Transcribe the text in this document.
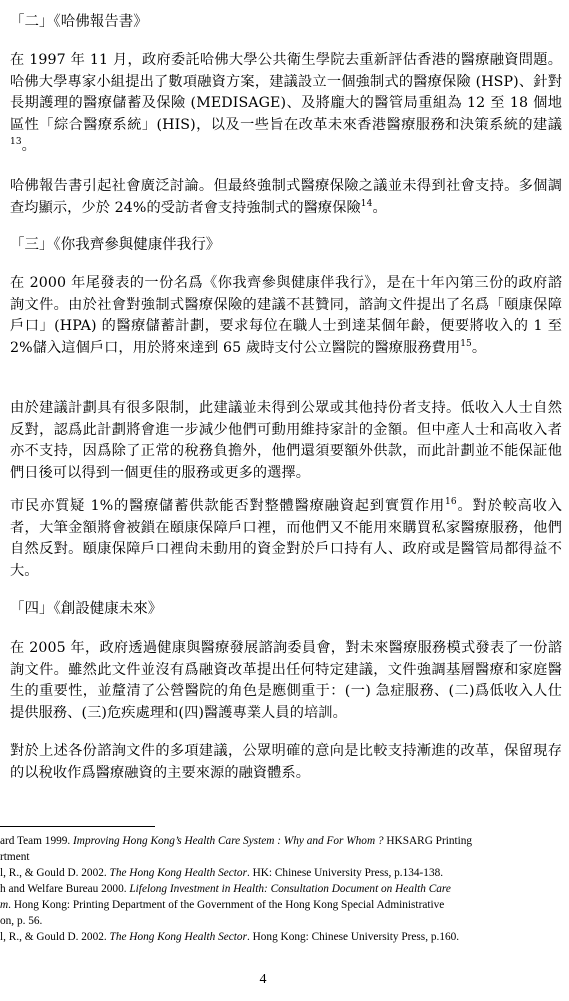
「二」《哈佛報告書》
在 1997 年 11 月，政府委託哈佛大學公共衛生學院去重新評估香港的醫療融資問題。哈佛大學專家小組提出了數項融資方案，建議設立一個強制式的醫療保險 (HSP)、針對長期護理的醫療儲蓄及保險 (MEDISAGE)、及將龐大的醫管局重組為 12 至 18 個地區性「綜合醫療系統」(HIS)，以及一些旨在改革未來香港醫療服務和決策系統的建議$^{13}$。
哈佛報告書引起社會廣泛討論。但最終強制式醫療保險之議並未得到社會支持。多個調查均顯示，少於 24%的受訪者會支持強制式的醫療保險$^{14}$。
「三」《你我齊參與健康伴我行》
在 2000 年尾發表的一份名爲《你我齊參與健康伴我行》，是在十年內第三份的政府諮詢文件。由於社會對強制式醫療保險的建議不甚贊同，諮詢文件提出了名爲「頤康保障戶口」(HPA) 的醫療儲蓄計劃，要求每位在職人士到達某個年齡，便要將收入的 1 至 2%儲入這個戶口，用於將來達到 65 歲時支付公立醫院的醫療服務費用$^{15}$。
由於建議計劃具有很多限制，此建議並未得到公眾或其他持份者支持。低收入人士自然反對，認爲此計劃將會進一步減少他們可動用維持家計的金額。但中產人士和高收入者亦不支持，因爲除了正常的稅務負擔外，他們還須要額外供款，而此計劃並不能保証他們日後可以得到一個更佳的服務或更多的選擇。
市民亦質疑 1%的醫療儲蓄供款能否對整體醫療融資起到實質作用$^{16}$。對於較高收入者，大筆金額將會被鎖在頤康保障戶口裡，而他們又不能用來購買私家醫療服務，他們自然反對。頤康保障戶口裡尙未動用的資金對於戶口持有人、政府或是醫管局都得益不大。
「四」《創設健康未來》
在 2005 年，政府透過健康與醫療發展諮詢委員會，對未來醫療服務模式發表了一份諮詢文件。雖然此文件並沒有爲融資改革提出任何特定建議，文件強調基層醫療和家庭醫生的重要性，並釐清了公營醫院的角色是應側重于：(一) 急症服務、(二)爲低收入人仕提供服務、(三)危疾處理和(四)醫護專業人員的培訓。
對於上述各份諮詢文件的多項建議，公眾明確的意向是比較支持漸進的改革，保留現存的以稅收作爲醫療融資的主要來源的融資體系。
ard Team 1999. Improving Hong Kong’s Health Care System : Why and For Whom ? HKSARG Printing
rtment
l, R., & Gould D. 2002. The Hong Kong Health Sector. HK: Chinese University Press, p.134-138.
h and Welfare Bureau 2000. Lifelong Investment in Health: Consultation Document on Health Care
m. Hong Kong: Printing Department of the Government of the Hong Kong Special Administrative
on, p. 56.
l, R., & Gould D. 2002. The Hong Kong Health Sector. Hong Kong: Chinese University Press, p.160.
4
